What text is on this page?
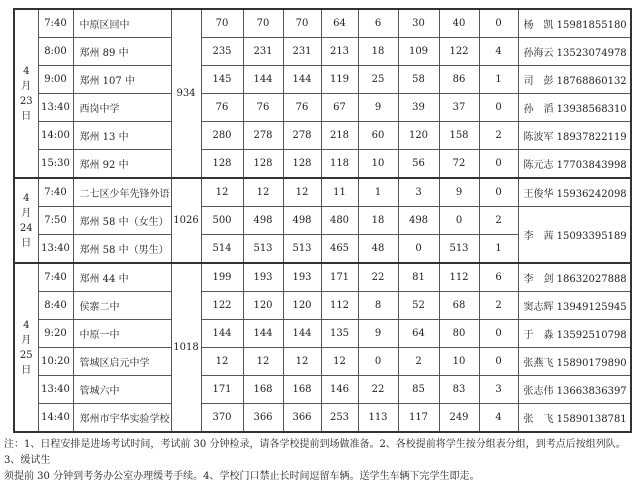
4
月
23
日	7:40	中原区回中	934	70	70	70	64	6	30	40	0	杨　凯 15981855180
	8:00	郑州 89 中		235	231	231	213	18	109	122	4	孙海云 13523074978
	9:00	郑州 107 中		145	144	144	119	25	58	86	1	司　彭 18768860132
	13:40	西岗中学		76	76	76	67	9	39	37	0	孙　滔 13938568310
	14:00	郑州 13 中		280	278	278	218	60	120	158	2	陈波军 18937822119
	15:30	郑州 92 中		128	128	128	118	10	56	72	0	陈元志 17703843998

4
月
24
日	7:40	二七区少年先锋外语	1026	12	12	12	11	1	3	9	0	王俊华 15936242098
	7:50	郑州 58 中（女生）		500	498	498	480	18	498	0	2	李　茜 15093395189
	13:40	郑州 58 中（男生）		514	513	513	465	48	0	513	1	

4
月
25
日	7:40	郑州 44 中	1018	199	193	193	171	22	81	112	6	李　剑 18632027888
	8:40	侯寨二中		122	120	120	112	8	52	68	2	窦志辉 13949125945
	9:20	中原一中		144	144	144	135	9	64	80	0	于　淼 13592510798
	10:20	管城区启元中学		12	12	12	12	0	2	10	0	张燕飞 15890179890
	13:40	管城六中		171	168	168	146	22	85	83	3	张志伟 13663836397
	14:40	郑州市宇华实验学校		370	366	366	253	113	117	249	4	张　飞 15890138781
注：1、日程安排是进场考试时间，考试前 30 分钟检录，请各学校提前到场做准备。2、各校提前将学生按分组表分组，到考点后按组列队。3、缓试生
须提前 30 分钟到考务办公室办理缓考手续。4、学校门口禁止长时间逗留车辆。送学生车辆下完学生即走。
